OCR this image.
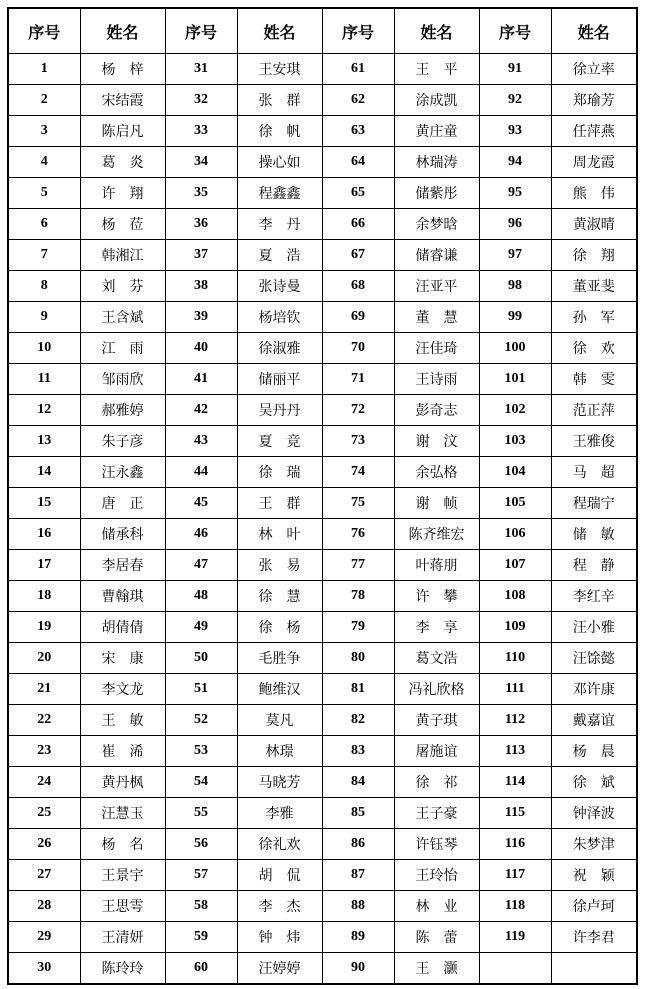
序号	姓名	序号	姓名	序号	姓名	序号	姓名
1	杨　梓	31	王安琪	61	王　平	91	徐立率
2	宋结霞	32	张　群	62	涂成凯	92	郑瑜芳
3	陈启凡	33	徐　帆	63	黄庄童	93	任萍燕
4	葛　炎	34	操心如	64	林瑞涛	94	周龙霞
5	许　翔	35	程鑫鑫	65	储紫彤	95	熊　伟
6	杨　莅	36	李　丹	66	余梦晗	96	黄淑晴
7	韩湘江	37	夏　浩	67	储睿谦	97	徐　翔
8	刘　芬	38	张诗曼	68	汪亚平	98	董亚斐
9	王含斌	39	杨培钦	69	董　慧	99	孙　军
10	江　雨	40	徐淑雅	70	汪佳琦	100	徐　欢
11	邹雨欣	41	储丽平	71	王诗雨	101	韩　雯
12	郝雅婷	42	吴丹丹	72	彭奇志	102	范正萍
13	朱子彦	43	夏　竞	73	谢　汶	103	王雅俊
14	汪永鑫	44	徐　瑞	74	余弘格	104	马　超
15	唐　正	45	王　群	75	谢　帧	105	程瑞宁
16	储承科	46	林　叶	76	陈齐维宏	106	储　敏
17	李居春	47	张　易	77	叶蒋朋	107	程　静
18	曹翰琪	48	徐　慧	78	许　攀	108	李红辛
19	胡倩倩	49	徐　杨	79	李　享	109	汪小雅
20	宋　康	50	毛胜争	80	葛文浩	110	汪馀懿
21	李文龙	51	鲍维汉	81	冯礼欣格	111	邓许康
22	王　敏	52	莫凡	82	黄子琪	112	戴嘉谊
23	崔　浠	53	林璟	83	屠施谊	113	杨　晨
24	黄丹枫	54	马晓芳	84	徐　祁	114	徐　斌
25	汪慧玉	55	李雅	85	王子豪	115	钟泽波
26	杨　名	56	徐礼欢	86	许钰琴	116	朱梦津
27	王景宇	57	胡　侃	87	王玲怡	117	祝　颖
28	王思雩	58	李　杰	88	林　业	118	徐卢珂
29	王清妍	59	钟　炜	89	陈　蕾	119	许李君
30	陈玲玲	60	汪婷婷	90	王　灏		
